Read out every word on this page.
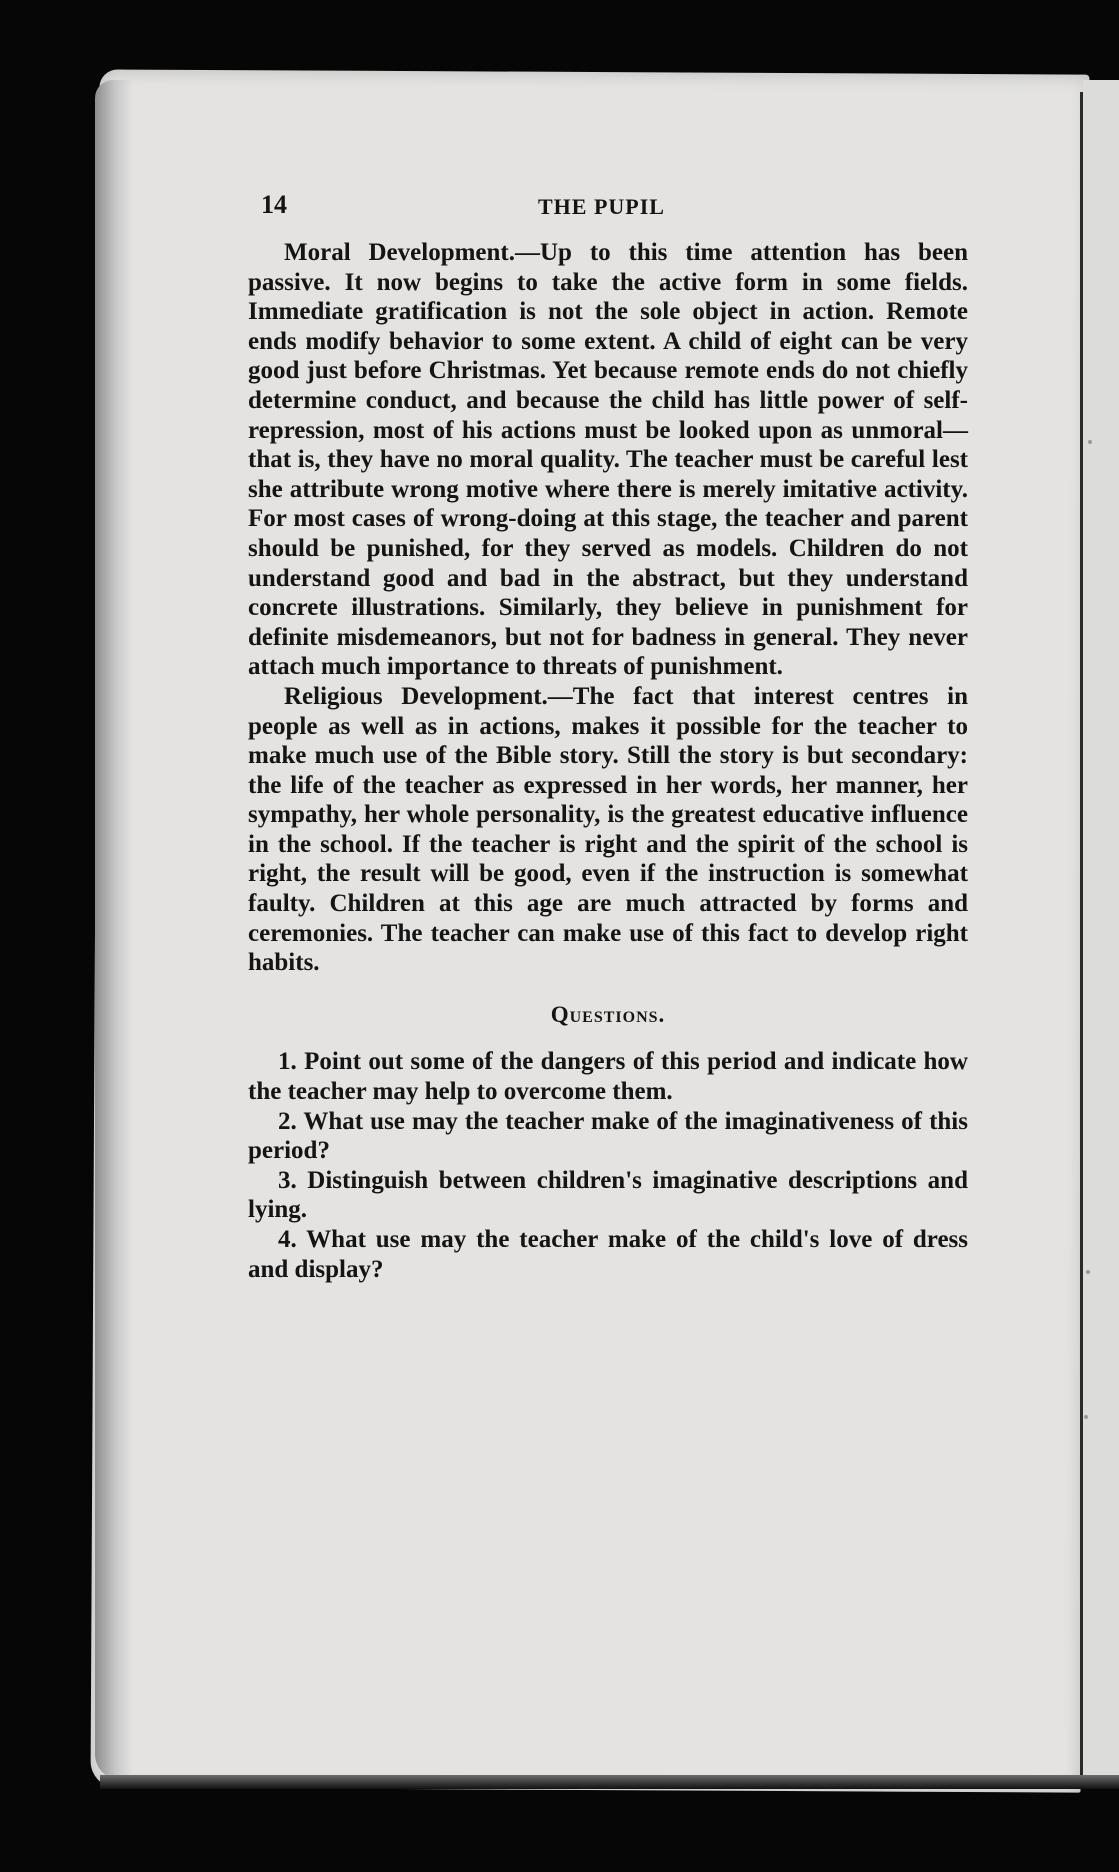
14	THE PUPIL

Moral Development.—Up to this time attention has been passive. It now begins to take the active form in some fields. Immediate gratification is not the sole object in action. Remote ends modify behavior to some extent. A child of eight can be very good just before Christmas. Yet because remote ends do not chiefly determine conduct, and because the child has little power of self-repression, most of his actions must be looked upon as unmoral—that is, they have no moral quality. The teacher must be careful lest she attribute wrong motive where there is merely imitative activity. For most cases of wrong-doing at this stage, the teacher and parent should be punished, for they served as models. Children do not understand good and bad in the abstract, but they understand concrete illustrations. Similarly, they believe in punishment for definite misdemeanors, but not for badness in general. They never attach much importance to threats of punishment.

Religious Development.—The fact that interest centres in people as well as in actions, makes it possible for the teacher to make much use of the Bible story. Still the story is but secondary: the life of the teacher as expressed in her words, her manner, her sympathy, her whole personality, is the greatest educative influence in the school. If the teacher is right and the spirit of the school is right, the result will be good, even if the instruction is somewhat faulty. Children at this age are much attracted by forms and ceremonies. The teacher can make use of this fact to develop right habits.

Questions.

1. Point out some of the dangers of this period and indicate how the teacher may help to overcome them.

2. What use may the teacher make of the imaginativeness of this period?

3. Distinguish between children's imaginative descriptions and lying.

4. What use may the teacher make of the child's love of dress and display?
